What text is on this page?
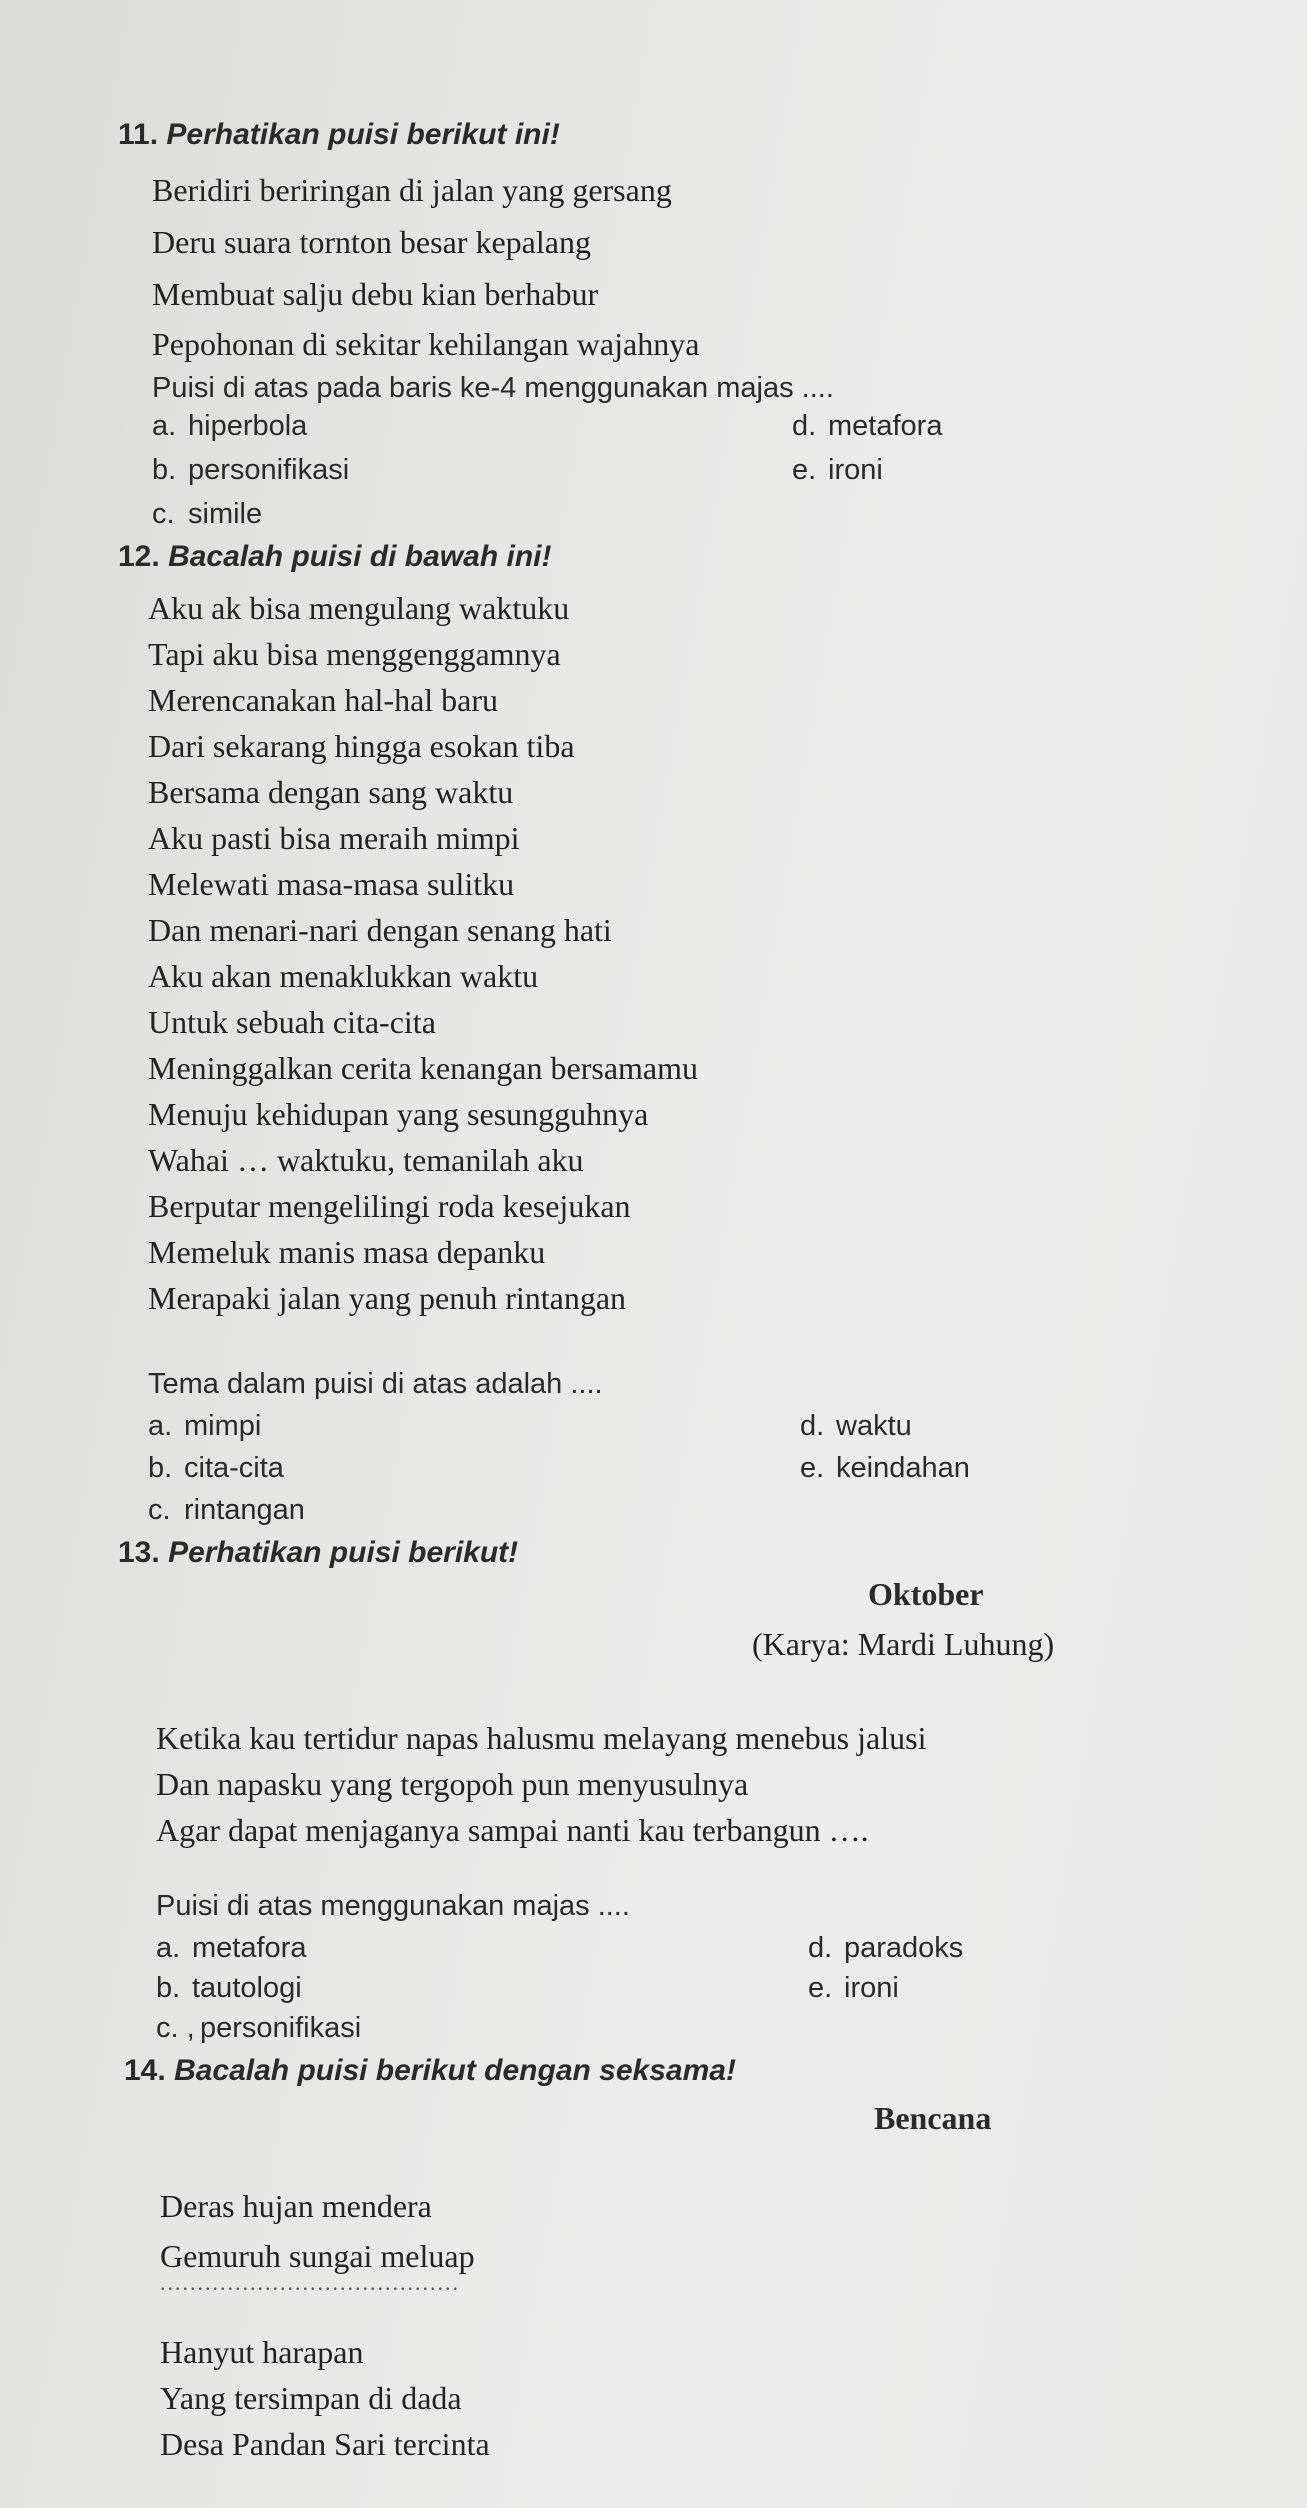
11. Perhatikan puisi berikut ini!
Beridiri beriringan di jalan yang gersang
Deru suara tornton besar kepalang
Membuat salju debu kian berhabur
Pepohonan di sekitar kehilangan wajahnya
Puisi di atas pada baris ke-4 menggunakan majas ....
a. hiperbola
b. personifikasi
c. simile
d. metafora
e. ironi
12. Bacalah puisi di bawah ini!
Aku ak bisa mengulang waktuku
Tapi aku bisa menggenggamnya
Merencanakan hal-hal baru
Dari sekarang hingga esokan tiba
Bersama dengan sang waktu
Aku pasti bisa meraih mimpi
Melewati masa-masa sulitku
Dan menari-nari dengan senang hati
Aku akan menaklukkan waktu
Untuk sebuah cita-cita
Meninggalkan cerita kenangan bersamamu
Menuju kehidupan yang sesungguhnya
Wahai … waktuku, temanilah aku
Berputar mengelilingi roda kesejukan
Memeluk manis masa depanku
Merapaki jalan yang penuh rintangan
Tema dalam puisi di atas adalah ....
a. mimpi
b. cita-cita
c. rintangan
d. waktu
e. keindahan
13. Perhatikan puisi berikut!
Oktober
(Karya: Mardi Luhung)
Ketika kau tertidur napas halusmu melayang menebus jalusi
Dan napasku yang tergopoh pun menyusulnya
Agar dapat menjaganya sampai nanti kau terbangun ….
Puisi di atas menggunakan majas ....
a. metafora
b. tautologi
c. , personifikasi
d. paradoks
e. ironi
14. Bacalah puisi berikut dengan seksama!
Bencana
Deras hujan mendera
Gemuruh sungai meluap
........................................
Hanyut harapan
Yang tersimpan di dada
Desa Pandan Sari tercinta
